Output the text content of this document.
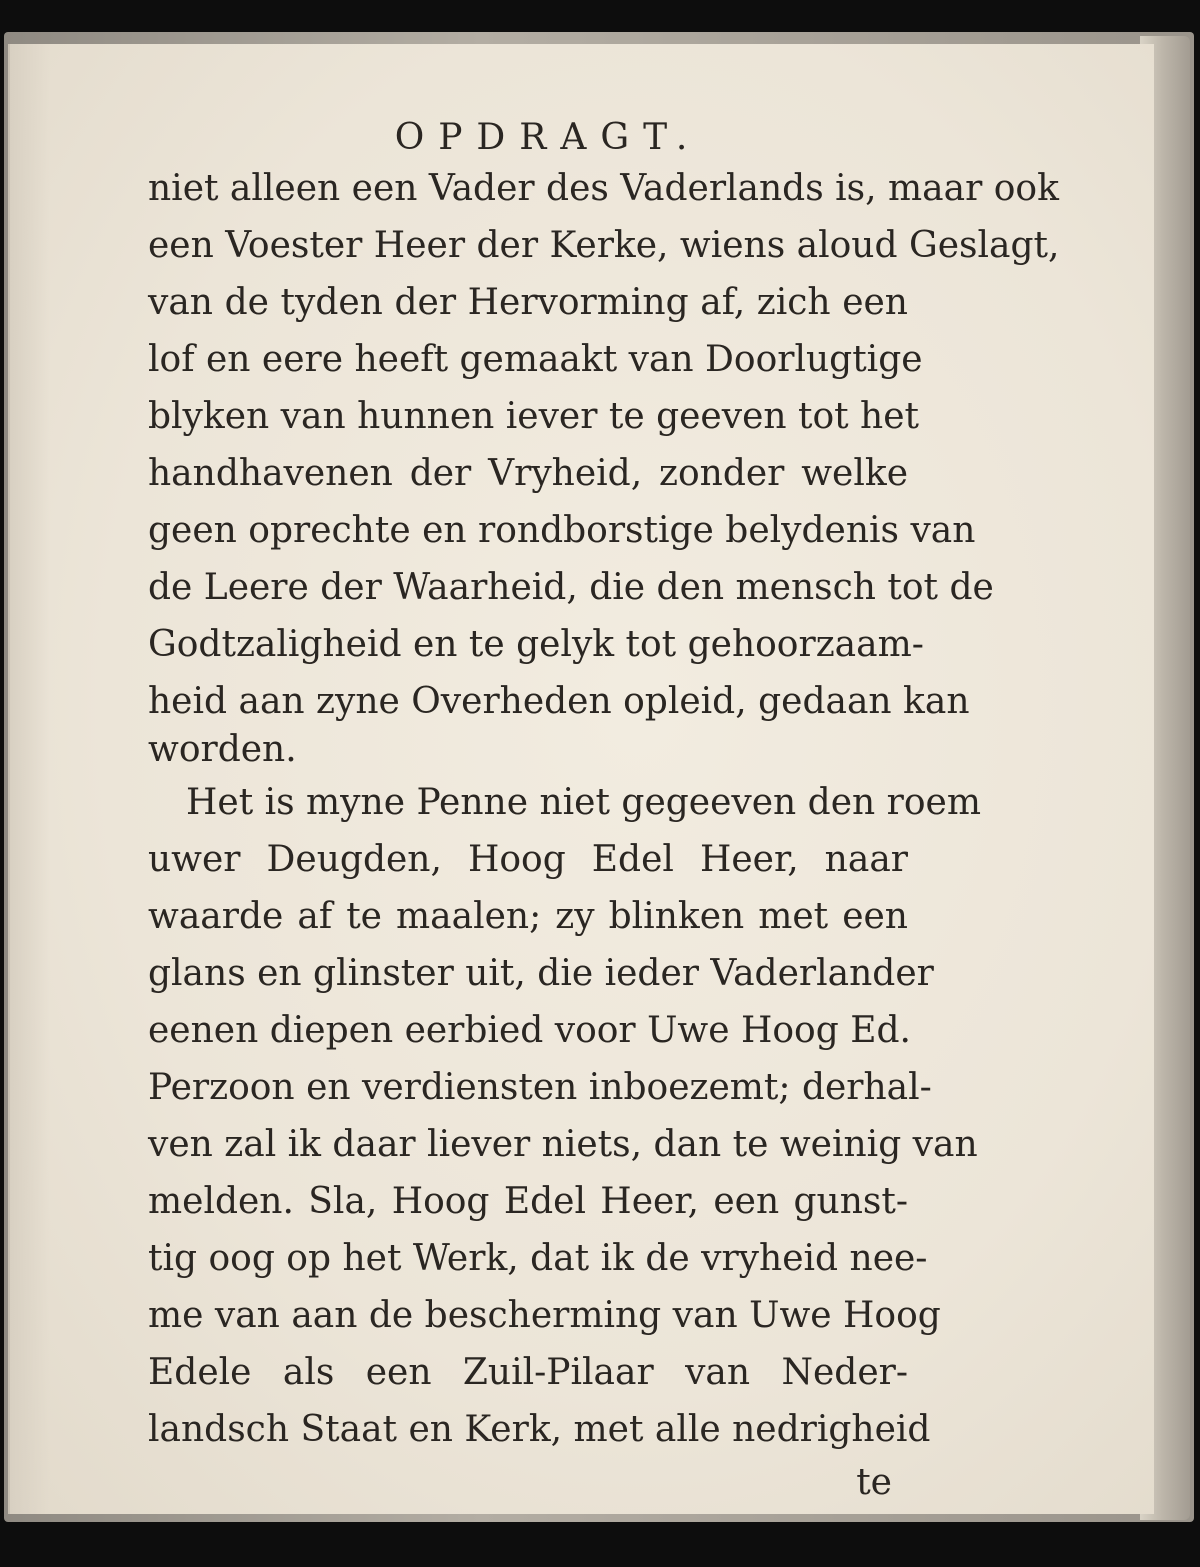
OPDRAGT.
niet alleen een Vader des Vaderlands is, maar ook
een Voester Heer der Kerke, wiens aloud Geslagt,
van de tyden der Hervorming af, zich een
lof en eere heeft gemaakt van Doorlugtige
blyken van hunnen iever te geeven tot het
handhavenen der Vryheid, zonder welke
geen oprechte en rondborstige belydenis van
de Leere der Waarheid, die den mensch tot de
Godtzaligheid en te gelyk tot gehoorzaam-
heid aan zyne Overheden opleid, gedaan kan
worden.
Het is myne Penne niet gegeeven den roem
uwer Deugden, Hoog Edel Heer, naar
waarde af te maalen; zy blinken met een
glans en glinster uit, die ieder Vaderlander
eenen diepen eerbied voor Uwe Hoog Ed.
Perzoon en verdiensten inboezemt; derhal-
ven zal ik daar liever niets, dan te weinig van
melden. Sla, Hoog Edel Heer, een gunst-
tig oog op het Werk, dat ik de vryheid nee-
me van aan de bescherming van Uwe Hoog
Edele als een Zuil-Pilaar van Neder-
landsch Staat en Kerk, met alle nedrigheid
te
